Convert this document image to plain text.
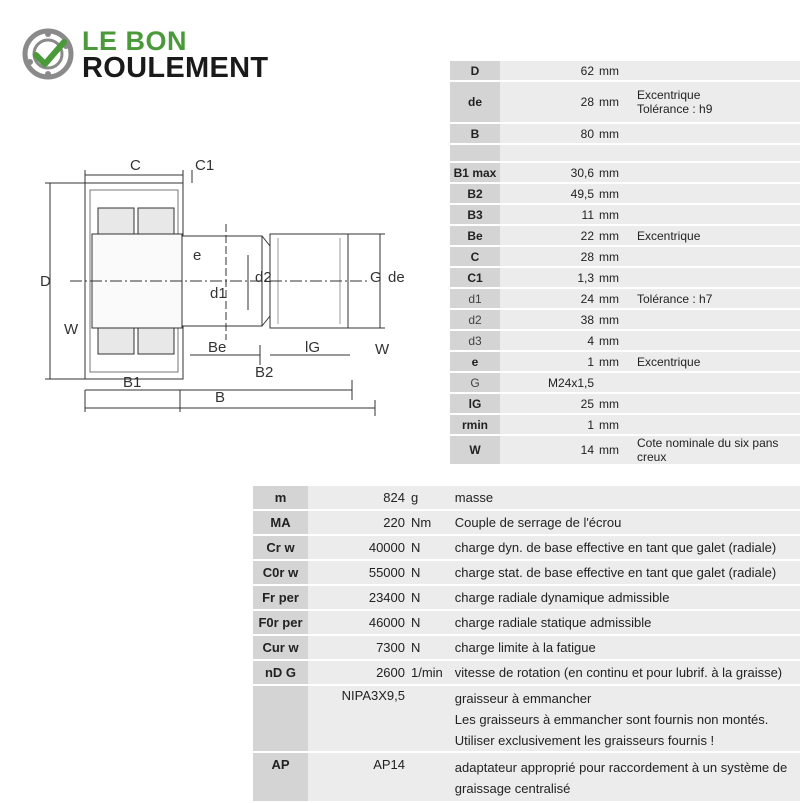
LE BON
ROULEMENT
C	C1
D
W
e
d1
d2	G de
Be	lG	W
B1
B2
B
D	62	mm	

de	28	mm	Excentrique
Tolérance : h9

B	80	mm	

B1 max	30,6	mm	

B2	49,5	mm	

B3	11	mm	

Be	22	mm	Excentrique

C	28	mm	

C1	1,3	mm	

d1	24	mm	Tolérance : h7

d2	38	mm	

d3	4	mm	

e	1	mm	Excentrique

G	M24x1,5		

lG	25	mm	

rmin	1	mm	

W	14	mm	Cote nominale du six pans creux
m	824	g	masse

MA	220	Nm	Couple de serrage de l'écrou

Cr w	40000	N	charge dyn. de base effective en tant que galet (radiale)

C0r w	55000	N	charge stat. de base effective en tant que galet (radiale)

Fr per	23400	N	charge radiale dynamique admissible

F0r per	46000	N	charge radiale statique admissible

Cur w	7300	N	charge limite à la fatigue

nD G	2600	1/min	vitesse de rotation (en continu et pour lubrif. à la graisse)

	NIPA3X9,5		graisseur à emmancher
Les graisseurs à emmancher sont fournis non montés.
Utiliser exclusivement les graisseurs fournis !

AP	AP14		adaptateur approprié pour raccordement à un système de
graissage centralisé
